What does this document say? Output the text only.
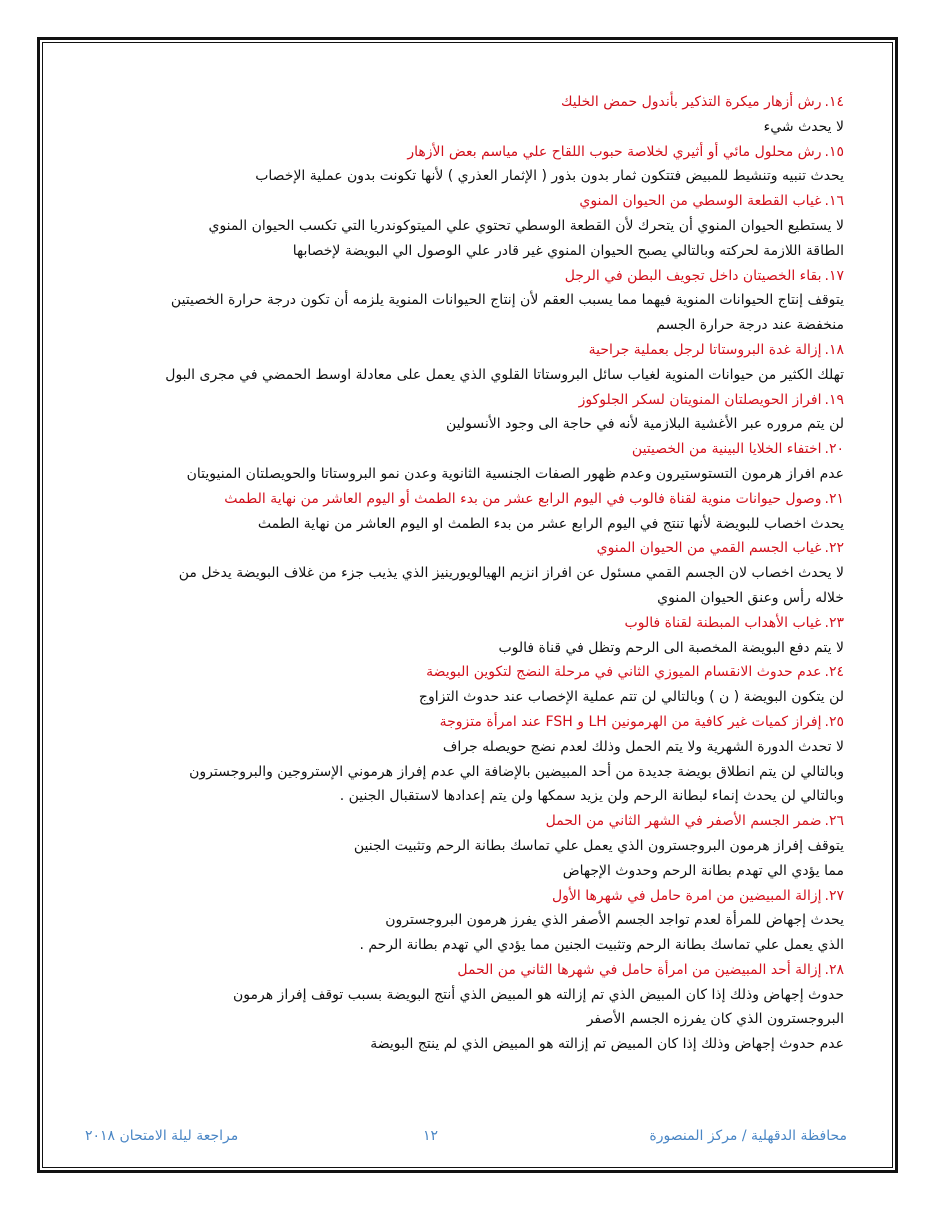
١٤.رش أزهار ميكرة التذكير بأندول حمض الخليك
لا يحدث شيء
١٥.رش محلول مائي أو أثيري لخلاصة حبوب اللقاح علي مياسم بعض الأزهار
يحدث تنبيه وتنشيط للمبيض فتتكون ثمار بدون بذور ( الإثمار العذري ) لأنها تكونت بدون عملية الإخصاب
١٦.غياب القطعة الوسطي من الحيوان المنوي
لا يستطيع الحيوان المنوي أن يتحرك لأن القطعة الوسطي تحتوي علي الميتوكوندريا التي تكسب الحيوان المنوي
الطاقة اللازمة لحركته وبالتالي يصبح الحيوان المنوي غير قادر علي الوصول الي البويضة لإخصابها
١٧.بقاء الخصيتان داخل تجويف البطن في الرجل
يتوقف إنتاج الحيوانات المنوية فيهما مما يسبب العقم لأن إنتاج الحيوانات المنوية يلزمه أن تكون درجة حرارة الخصيتين
منخفضة عند درجة حرارة الجسم
١٨.إزالة غدة البروستاتا لرجل بعملية جراحية
تهلك الكثير من حيوانات المنوية لغياب سائل البروستاتا القلوي الذي يعمل على معادلة اوسط الحمضي في مجرى البول
١٩.افراز الحويصلتان المنويتان لسكر الجلوكوز
لن يتم مروره عبر الأغشية البلازمية لأنه في حاجة الى وجود الأنسولين
٢٠.اختفاء الخلايا البينية من الخصيتين
عدم افراز هرمون التستوستيرون وعدم ظهور الصفات الجنسية الثانوية وعدن نمو البروستاتا والحويصلتان المنيويتان
٢١.وصول حيوانات منوية لقناة فالوب في اليوم الرابع عشر من بدء الطمث أو اليوم العاشر من نهاية الطمث
يحدث اخصاب للبويضة لأنها تنتج في اليوم الرابع عشر من بدء الطمث او اليوم العاشر من نهاية الطمث
٢٢.غياب الجسم القمي من الحيوان المنوي
لا يحدث اخصاب لان الجسم القمي مسئول عن افراز انزيم الهيالويورينيز الذي يذيب جزء من غلاف البويضة يدخل من
خلاله رأس وعنق الحيوان المنوي
٢٣.غياب الأهداب المبطنة لقناة فالوب
لا يتم دفع البويضة المخصبة الى الرحم وتظل في قناة فالوب
٢٤.عدم حدوث الانقسام الميوزي الثاني في مرحلة النضج لتكوين البويضة
لن يتكون البويضة ( ن ) وبالتالي لن تتم عملية الإخصاب عند حدوث التزاوج
٢٥.إفراز كميات غير كافية من الهرمونين LH و FSH عند امرأة متزوجة
لا تحدث الدورة الشهرية ولا يتم الحمل وذلك لعدم نضج حويصله جراف
وبالتالي لن يتم انطلاق بويضة جديدة من أحد المبيضين بالإضافة الي عدم إفراز هرموني الإستروجين والبروجسترون
وبالتالي لن يحدث إنماء لبطانة الرحم ولن يزيد سمكها ولن يتم إعدادها لاستقبال الجنين .
٢٦.ضمر الجسم الأصفر في الشهر الثاني من الحمل
يتوقف إفراز هرمون البروجسترون الذي يعمل علي تماسك بطانة الرحم وتثبيت الجنين
مما يؤدي الي تهدم بطانة الرحم وحدوث الإجهاض
٢٧.إزالة المبيضين من امرة حامل في شهرها الأول
يحدث إجهاض للمرأة لعدم تواجد الجسم الأصفر الذي يفرز هرمون البروجسترون
الذي يعمل علي تماسك بطانة الرحم وتثبيت الجنين مما يؤدي الي تهدم بطانة الرحم .
٢٨.إزالة أحد المبيضين من امرأة حامل في شهرها الثاني من الحمل
حدوث إجهاض وذلك إذا كان المبيض الذي تم إزالته هو المبيض الذي أنتج البويضة بسبب توقف إفراز هرمون
البروجسترون الذي كان يفرزه الجسم الأصفر
عدم حدوث إجهاض وذلك إذا كان المبيض تم إزالته هو المبيض الذي لم ينتج البويضة
محافظة الدقهلية / مركز المنصورة
١٢
مراجعة ليلة الامتحان ٢٠١٨
